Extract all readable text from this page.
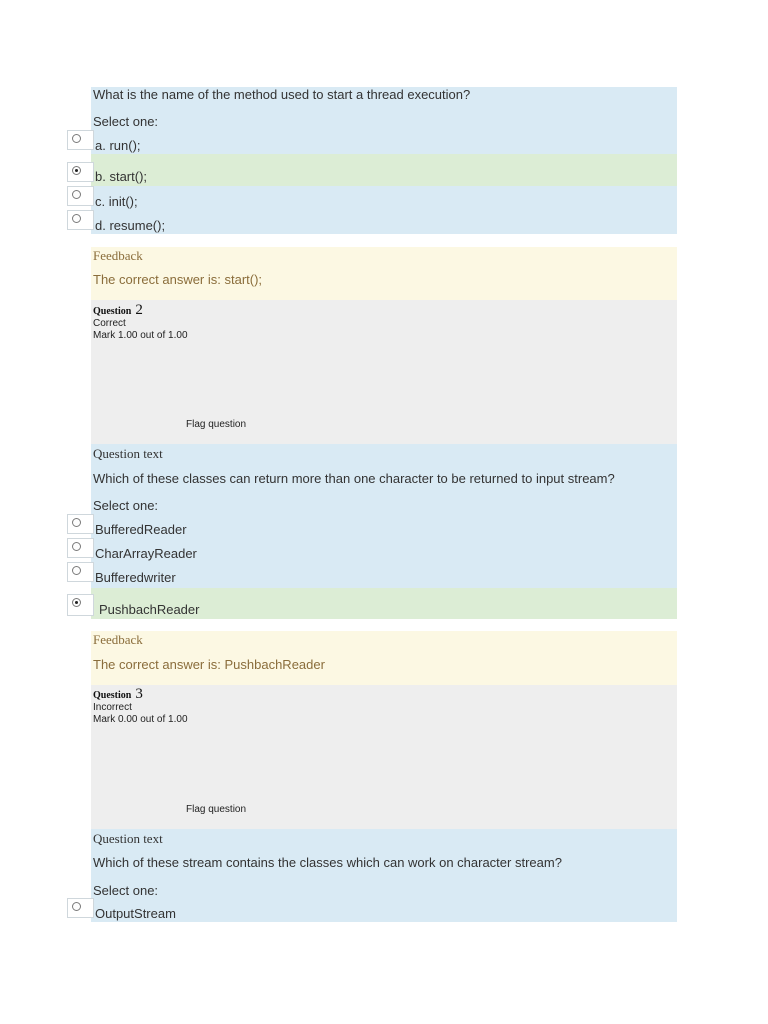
What is the name of the method used to start a thread execution?
Select one:
a. run();
b. start();
c. init();
d. resume();
Feedback
The correct answer is: start();
Question 2
Correct
Mark 1.00 out of 1.00
Flag question
Question text
Which of these classes can return more than one character to be returned to input stream?
Select one:
BufferedReader
CharArrayReader
Bufferedwriter
PushbachReader
Feedback
The correct answer is: PushbachReader
Question 3
Incorrect
Mark 0.00 out of 1.00
Flag question
Question text
Which of these stream contains the classes which can work on character stream?
Select one:
OutputStream
